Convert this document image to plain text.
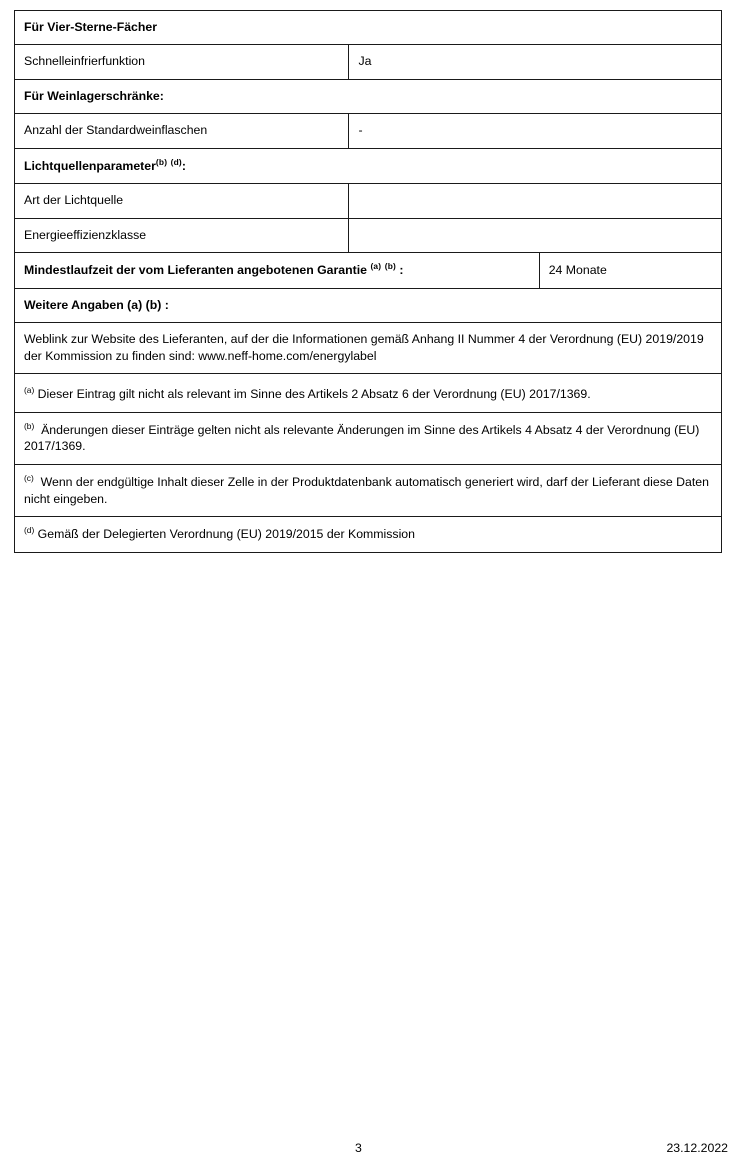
Für Vier-Sterne-Fächer		
Schnelleinfrierfunktion	Ja	
Für Weinlagerschränke:		
Anzahl der Standardweinflaschen	-	
Lichtquellenparameter$^{(b)}$ $^{(d)}$:		
Art der Lichtquelle		
Energieeffizienzklasse		
Mindestlaufzeit der vom Lieferanten angebotenen Garantie $^{(a)}$ $^{(b)}$ :		24 Monate
Weitere Angaben (a) (b) :		
Weblink zur Website des Lieferanten, auf der die Informationen gemäß Anhang II Nummer 4 der Verordnung (EU) 2019/2019 der Kommission zu finden sind: www.neff-home.com/energylabel		
$^{(a)}$ Dieser Eintrag gilt nicht als relevant im Sinne des Artikels 2 Absatz 6 der Verordnung (EU) 2017/1369.		
$^{(b)}$ Änderungen dieser Einträge gelten nicht als relevante Änderungen im Sinne des Artikels 4 Absatz 4 der Verordnung (EU) 2017/1369.		
$^{(c)}$ Wenn der endgültige Inhalt dieser Zelle in der Produktdatenbank automatisch generiert wird, darf der Lieferant diese Daten nicht eingeben.		
$^{(d)}$ Gemäß der Delegierten Verordnung (EU) 2019/2015 der Kommission		
3	23.12.2022
